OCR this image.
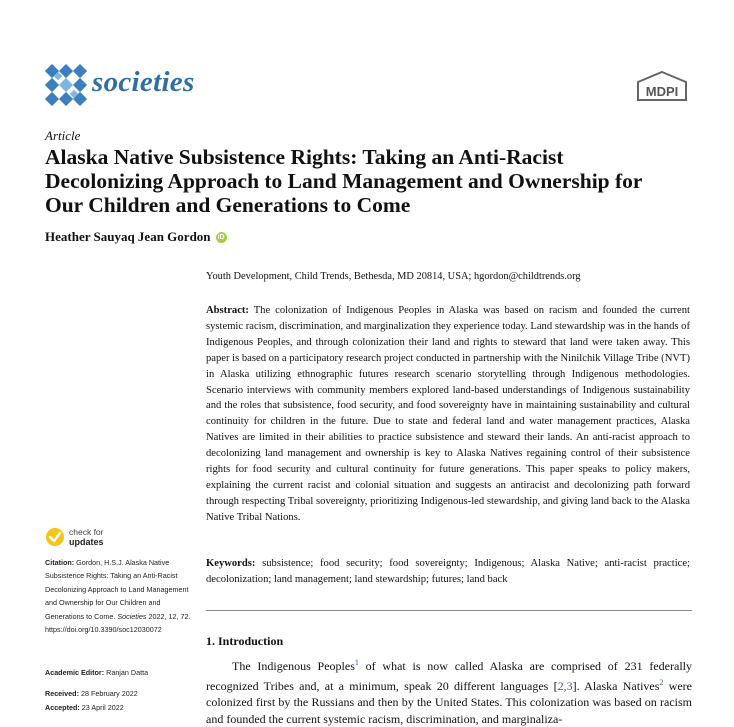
societies	MDPI
Article
Alaska Native Subsistence Rights: Taking an Anti-Racist Decolonizing Approach to Land Management and Ownership for Our Children and Generations to Come
Heather Sauyaq Jean Gordon iD
Youth Development, Child Trends, Bethesda, MD 20814, USA; hgordon@childtrends.org
Abstract: The colonization of Indigenous Peoples in Alaska was based on racism and founded the current systemic racism, discrimination, and marginalization they experience today. Land stewardship was in the hands of Indigenous Peoples, and through colonization their land and rights to steward that land were taken away. This paper is based on a participatory research project conducted in partnership with the Ninilchik Village Tribe (NVT) in Alaska utilizing ethnographic futures research scenario storytelling through Indigenous methodologies. Scenario interviews with community members explored land-based understandings of Indigenous sustainability and the roles that subsistence, food security, and food sovereignty have in maintaining sustainability and cultural continuity for children in the future. Due to state and federal land and water management practices, Alaska Natives are limited in their abilities to practice subsistence and steward their lands. An anti-racist approach to decolonizing land management and ownership is key to Alaska Natives regaining control of their subsistence rights for food security and cultural continuity for future generations. This paper speaks to policy makers, explaining the current racist and colonial situation and suggests an antiracist and decolonizing path forward through respecting Tribal sovereignty, prioritizing Indigenous-led stewardship, and giving land back to the Alaska Native Tribal Nations.
Keywords: subsistence; food security; food sovereignty; Indigenous; Alaska Native; anti-racist practice; decolonization; land management; land stewardship; futures; land back
1. Introduction
The Indigenous Peoples$^1$ of what is now called Alaska are comprised of 231 federally recognized Tribes and, at a minimum, speak 20 different languages [2,3]. Alaska Natives$^2$ were colonized first by the Russians and then by the United States. This colonization was based on racism and founded the current systemic racism, discrimination, and marginaliza-
check for
updates
Citation: Gordon, H.S.J. Alaska Native Subsistence Rights: Taking an Anti-Racist Decolonizing Approach to Land Management and Ownership for Our Children and Generations to Come. Societies 2022, 12, 72. https://doi.org/10.3390/soc12030072
Academic Editor: Ranjan Datta
Received: 28 February 2022
Accepted: 23 April 2022
